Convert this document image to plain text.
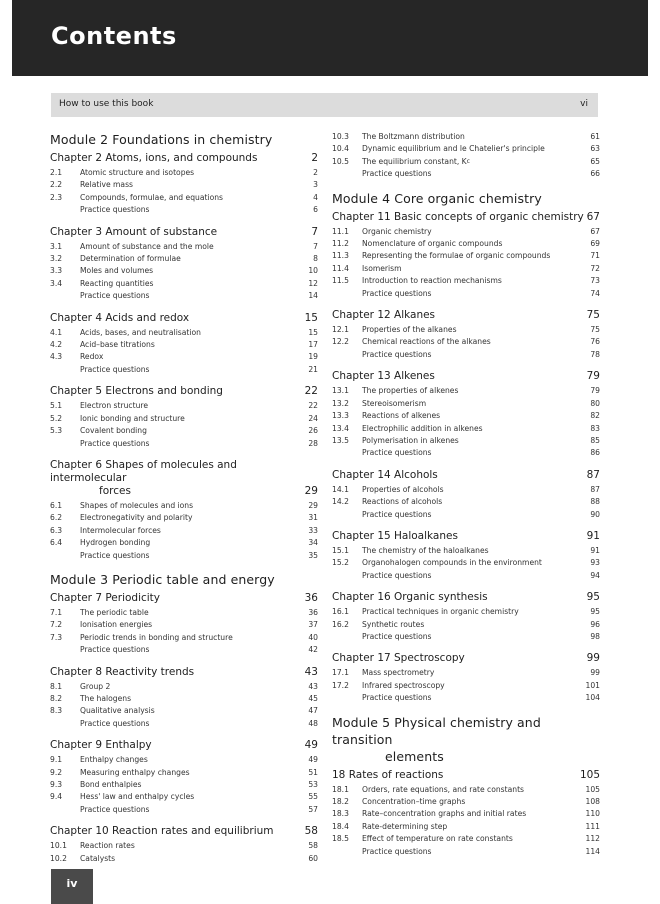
Contents
How to use this book	vi
Module 2 Foundations in chemistry
Chapter 2 Atoms, ions, and compounds	2
2.1	Atomic structure and isotopes	2
2.2	Relative mass	3
2.3	Compounds, formulae, and equations	4
Practice questions	6
Chapter 3 Amount of substance	7
3.1	Amount of substance and the mole	7
3.2	Determination of formulae	8
3.3	Moles and volumes	10
3.4	Reacting quantities	12
Practice questions	14
Chapter 4 Acids and redox	15
4.1	Acids, bases, and neutralisation	15
4.2	Acid–base titrations	17
4.3	Redox	19
Practice questions	21
Chapter 5 Electrons and bonding	22
5.1	Electron structure	22
5.2	Ionic bonding and structure	24
5.3	Covalent bonding	26
Practice questions	28
Chapter 6 Shapes of molecules and intermolecular
forces	29
6.1	Shapes of molecules and ions	29
6.2	Electronegativity and polarity	31
6.3	Intermolecular forces	33
6.4	Hydrogen bonding	34
Practice questions	35
Module 3 Periodic table and energy
Chapter 7 Periodicity	36
7.1	The periodic table	36
7.2	Ionisation energies	37
7.3	Periodic trends in bonding and structure	40
Practice questions	42
Chapter 8 Reactivity trends	43
8.1	Group 2	43
8.2	The halogens	45
8.3	Qualitative analysis	47
Practice questions	48
Chapter 9 Enthalpy	49
9.1	Enthalpy changes	49
9.2	Measuring enthalpy changes	51
9.3	Bond enthalpies	53
9.4	Hess' law and enthalpy cycles	55
Practice questions	57
Chapter 10 Reaction rates and equilibrium	58
10.1	Reaction rates	58
10.2	Catalysts	60
10.3	The Boltzmann distribution	61
10.4	Dynamic equilibrium and le Chatelier's principle	63
10.5	The equilibrium constant, K c	65
Practice questions	66
Module 4 Core organic chemistry
Chapter 11 Basic concepts of organic chemistry 67
11.1	Organic chemistry	67
11.2	Nomenclature of organic compounds	69
11.3	Representing the formulae of organic compounds	71
11.4	Isomerism	72
11.5	Introduction to reaction mechanisms	73
Practice questions	74
Chapter 12 Alkanes	75
12.1	Properties of the alkanes	75
12.2	Chemical reactions of the alkanes	76
Practice questions	78
Chapter 13 Alkenes	79
13.1	The properties of alkenes	79
13.2	Stereoisomerism	80
13.3	Reactions of alkenes	82
13.4	Electrophilic addition in alkenes	83
13.5	Polymerisation in alkenes	85
Practice questions	86
Chapter 14 Alcohols	87
14.1	Properties of alcohols	87
14.2	Reactions of alcohols	88
Practice questions	90
Chapter 15 Haloalkanes	91
15.1	The chemistry of the haloalkanes	91
15.2	Organohalogen compounds in the environment	93
Practice questions	94
Chapter 16 Organic synthesis	95
16.1	Practical techniques in organic chemistry	95
16.2	Synthetic routes	96
Practice questions	98
Chapter 17 Spectroscopy	99
17.1	Mass spectrometry	99
17.2	Infrared spectroscopy	101
Practice questions	104
Module 5 Physical chemistry and transition
elements
18 Rates of reactions	105
18.1	Orders, rate equations, and rate constants	105
18.2	Concentration–time graphs	108
18.3	Rate–concentration graphs and initial rates	110
18.4	Rate-determining step	111
18.5	Effect of temperature on rate constants	112
Practice questions	114
iv
